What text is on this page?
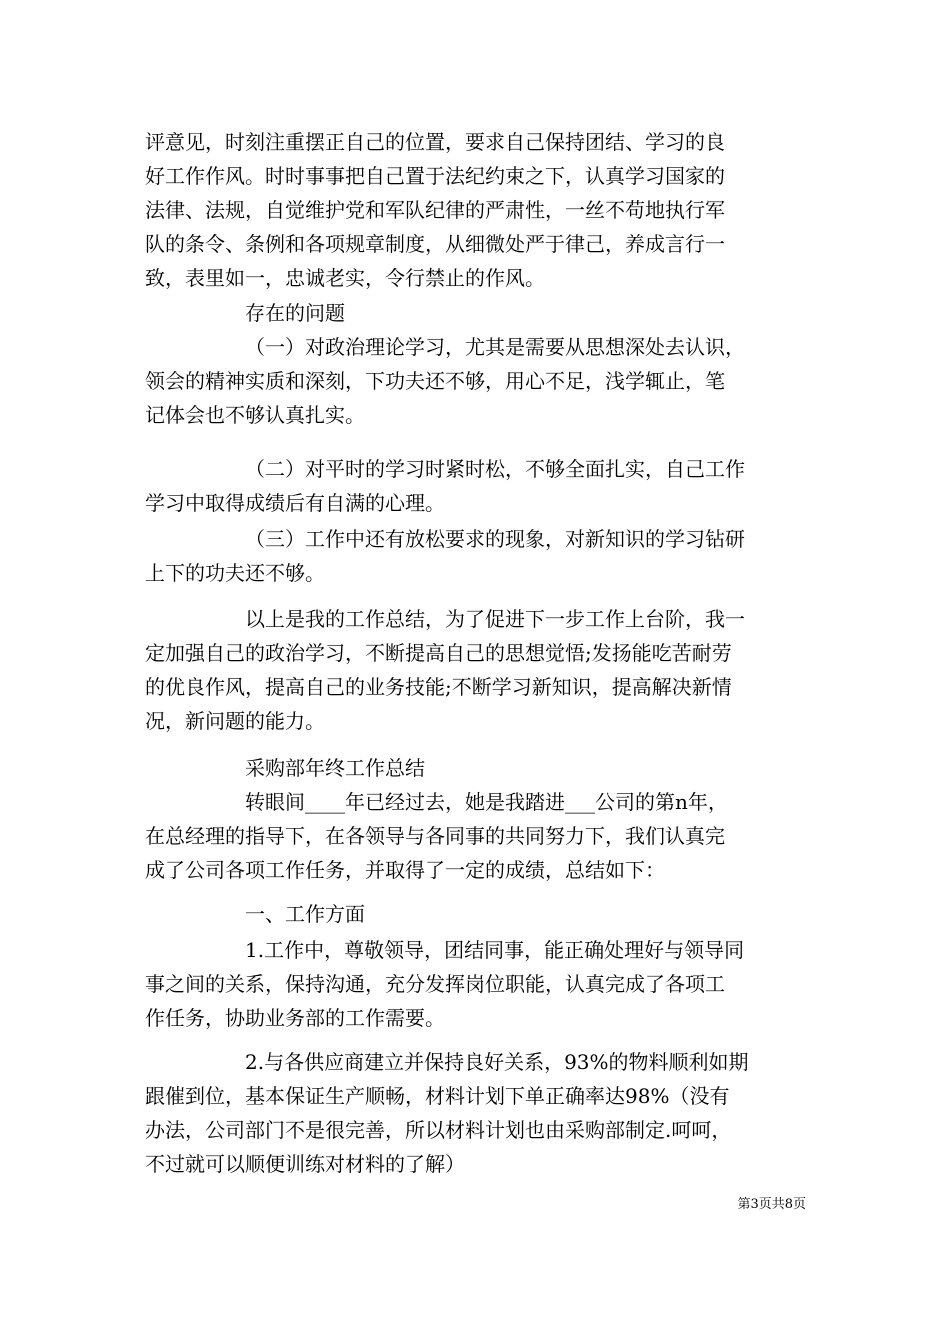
评意见，时刻注重摆正自己的位置，要求自己保持团结、学习的良
好工作作风。时时事事把自己置于法纪约束之下，认真学习国家的
法律、法规，自觉维护党和军队纪律的严肃性，一丝不苟地执行军
队的条令、条例和各项规章制度，从细微处严于律己，养成言行一
致，表里如一，忠诚老实，令行禁止的作风。
存在的问题
（一）对政治理论学习，尤其是需要从思想深处去认识，
领会的精神实质和深刻，下功夫还不够，用心不足，浅学辄止，笔
记体会也不够认真扎实。
（二）对平时的学习时紧时松，不够全面扎实，自己工作
学习中取得成绩后有自满的心理。
（三）工作中还有放松要求的现象，对新知识的学习钻研
上下的功夫还不够。
以上是我的工作总结，为了促进下一步工作上台阶，我一
定加强自己的政治学习，不断提高自己的思想觉悟;发扬能吃苦耐劳
的优良作风，提高自己的业务技能;不断学习新知识，提高解决新情
况，新问题的能力。
采购部年终工作总结
转眼间____年已经过去，她是我踏进___公司的第n年，
在总经理的指导下，在各领导与各同事的共同努力下，我们认真完
成了公司各项工作任务，并取得了一定的成绩，总结如下：
一、工作方面
1.工作中，尊敬领导，团结同事，能正确处理好与领导同
事之间的关系，保持沟通，充分发挥岗位职能，认真完成了各项工
作任务，协助业务部的工作需要。
2.与各供应商建立并保持良好关系，93%的物料顺利如期
跟催到位，基本保证生产顺畅，材料计划下单正确率达98%（没有
办法，公司部门不是很完善，所以材料计划也由采购部制定.呵呵，
不过就可以顺便训练对材料的了解）
第3页共8页
